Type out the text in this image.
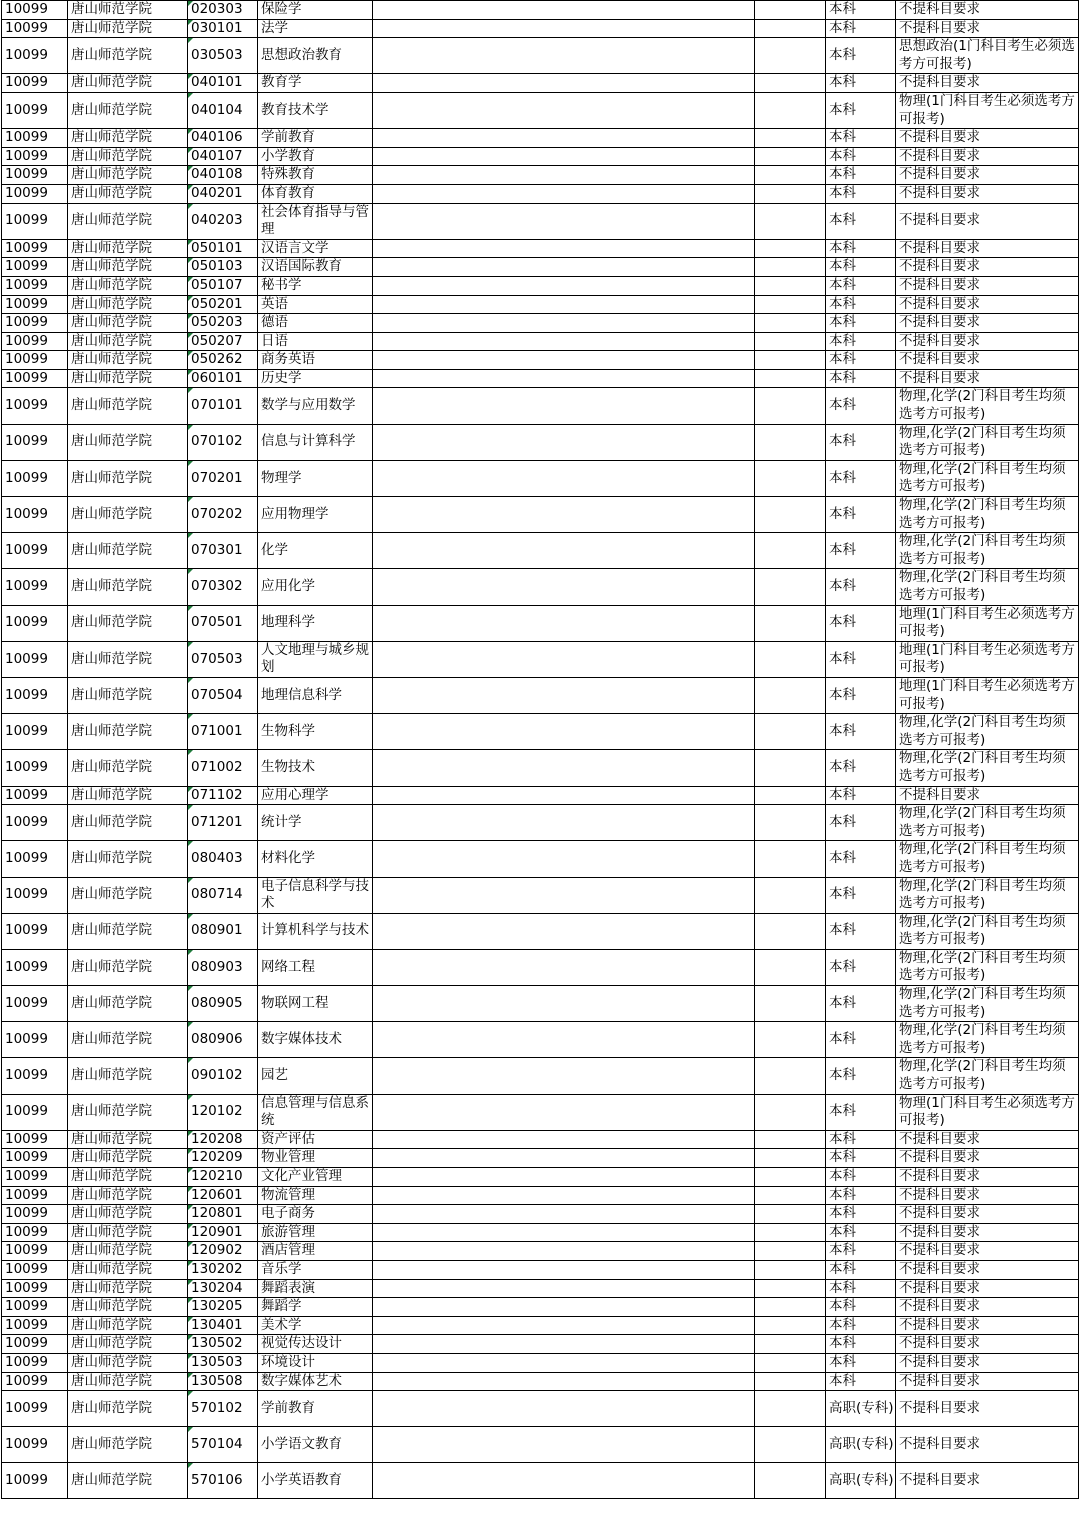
10099	唐山师范学院	020303	保险学			本科	不提科目要求
10099	唐山师范学院	030101	法学			本科	不提科目要求
10099	唐山师范学院	030503	思想政治教育			本科	思想政治(1门科目考生必须选考方可报考)
10099	唐山师范学院	040101	教育学			本科	不提科目要求
10099	唐山师范学院	040104	教育技术学			本科	物理(1门科目考生必须选考方可报考)
10099	唐山师范学院	040106	学前教育			本科	不提科目要求
10099	唐山师范学院	040107	小学教育			本科	不提科目要求
10099	唐山师范学院	040108	特殊教育			本科	不提科目要求
10099	唐山师范学院	040201	体育教育			本科	不提科目要求
10099	唐山师范学院	040203	社会体育指导与管理			本科	不提科目要求
10099	唐山师范学院	050101	汉语言文学			本科	不提科目要求
10099	唐山师范学院	050103	汉语国际教育			本科	不提科目要求
10099	唐山师范学院	050107	秘书学			本科	不提科目要求
10099	唐山师范学院	050201	英语			本科	不提科目要求
10099	唐山师范学院	050203	德语			本科	不提科目要求
10099	唐山师范学院	050207	日语			本科	不提科目要求
10099	唐山师范学院	050262	商务英语			本科	不提科目要求
10099	唐山师范学院	060101	历史学			本科	不提科目要求
10099	唐山师范学院	070101	数学与应用数学			本科	物理,化学(2门科目考生均须选考方可报考)
10099	唐山师范学院	070102	信息与计算科学			本科	物理,化学(2门科目考生均须选考方可报考)
10099	唐山师范学院	070201	物理学			本科	物理,化学(2门科目考生均须选考方可报考)
10099	唐山师范学院	070202	应用物理学			本科	物理,化学(2门科目考生均须选考方可报考)
10099	唐山师范学院	070301	化学			本科	物理,化学(2门科目考生均须选考方可报考)
10099	唐山师范学院	070302	应用化学			本科	物理,化学(2门科目考生均须选考方可报考)
10099	唐山师范学院	070501	地理科学			本科	地理(1门科目考生必须选考方可报考)
10099	唐山师范学院	070503	人文地理与城乡规划			本科	地理(1门科目考生必须选考方可报考)
10099	唐山师范学院	070504	地理信息科学			本科	地理(1门科目考生必须选考方可报考)
10099	唐山师范学院	071001	生物科学			本科	物理,化学(2门科目考生均须选考方可报考)
10099	唐山师范学院	071002	生物技术			本科	物理,化学(2门科目考生均须选考方可报考)
10099	唐山师范学院	071102	应用心理学			本科	不提科目要求
10099	唐山师范学院	071201	统计学			本科	物理,化学(2门科目考生均须选考方可报考)
10099	唐山师范学院	080403	材料化学			本科	物理,化学(2门科目考生均须选考方可报考)
10099	唐山师范学院	080714	电子信息科学与技术			本科	物理,化学(2门科目考生均须选考方可报考)
10099	唐山师范学院	080901	计算机科学与技术			本科	物理,化学(2门科目考生均须选考方可报考)
10099	唐山师范学院	080903	网络工程			本科	物理,化学(2门科目考生均须选考方可报考)
10099	唐山师范学院	080905	物联网工程			本科	物理,化学(2门科目考生均须选考方可报考)
10099	唐山师范学院	080906	数字媒体技术			本科	物理,化学(2门科目考生均须选考方可报考)
10099	唐山师范学院	090102	园艺			本科	物理,化学(2门科目考生均须选考方可报考)
10099	唐山师范学院	120102	信息管理与信息系统			本科	物理(1门科目考生必须选考方可报考)
10099	唐山师范学院	120208	资产评估			本科	不提科目要求
10099	唐山师范学院	120209	物业管理			本科	不提科目要求
10099	唐山师范学院	120210	文化产业管理			本科	不提科目要求
10099	唐山师范学院	120601	物流管理			本科	不提科目要求
10099	唐山师范学院	120801	电子商务			本科	不提科目要求
10099	唐山师范学院	120901	旅游管理			本科	不提科目要求
10099	唐山师范学院	120902	酒店管理			本科	不提科目要求
10099	唐山师范学院	130202	音乐学			本科	不提科目要求
10099	唐山师范学院	130204	舞蹈表演			本科	不提科目要求
10099	唐山师范学院	130205	舞蹈学			本科	不提科目要求
10099	唐山师范学院	130401	美术学			本科	不提科目要求
10099	唐山师范学院	130502	视觉传达设计			本科	不提科目要求
10099	唐山师范学院	130503	环境设计			本科	不提科目要求
10099	唐山师范学院	130508	数字媒体艺术			本科	不提科目要求
10099	唐山师范学院	570102	学前教育			高职(专科)	不提科目要求
10099	唐山师范学院	570104	小学语文教育			高职(专科)	不提科目要求
10099	唐山师范学院	570106	小学英语教育			高职(专科)	不提科目要求
